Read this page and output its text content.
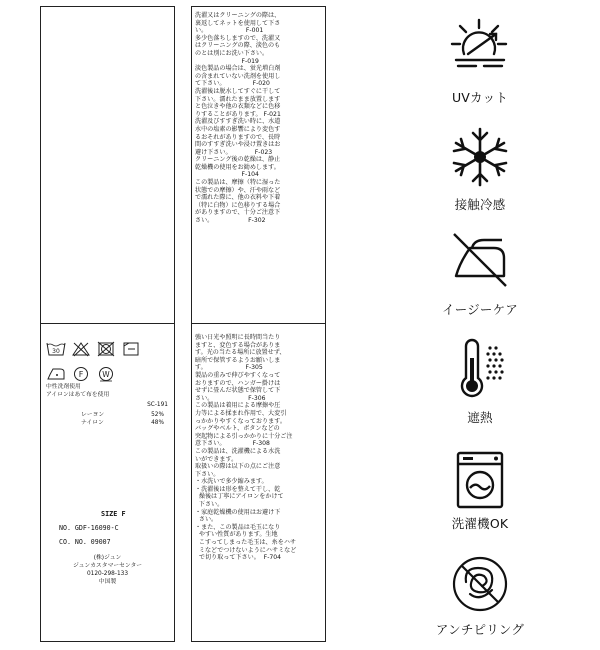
30

F
	W
中性洗剤使用
アイロンはあて布を使用
SC-191
レーヨン	52%
ナイロン	48%
SIZE F
NO. GDF-16090-C
CO. NO. 09007
(株)ジュン
ジュンカスタマーセンター
0120-298-133
中国製
洗濯又はクリーニングの際は、
裏返してネットを使用して下さ
い。                    F-001
多少色落ちしますので、洗濯又
はクリーニングの際、淡色のも
のとは別にお洗い下さい。
F-019
淡色製品の場合は、蛍光増白剤
の含まれていない洗剤を使用し
て下さい。              F-020
洗濯後は脱水してすぐに干して
下さい。濡れたまま放置します
と色泣きや他の衣類などに色移
りすることがあります。 F-021
洗濯及びすすぎ洗い時に、水道
水中の塩素の影響により変色す
るおそれがありますので、長時
間のすすぎ洗いや浸け置きはお
避け下さい。            F-023
クリーニング後の乾燥は、静止
乾燥機の使用をお勧めします。
F-104
この製品は、摩擦（特に湿った
状態での摩擦）や、汗や雨など
で濡れた際に、他の衣料や下着
（特に白物）に色移りする場合
がありますので、十分ご注意下
さい。                  F-302
強い日光や照明に長時間当たり
ますと、変色する場合がありま
す。光の当たる場所に放置せず、
暗所で保管するようお願いしま
す。                    F-305
製品の重みで伸びやすくなって
おりますので、ハンガー掛けは
せずに畳んだ状態で保管して下
さい。                  F-306
この製品は着用による摩擦や圧
力等による揉まれ作用で、大変引
っかかりやすくなっております。
バッグやベルト、ボタンなどの
突起物による引っかかりに十分ご注
意下さい。              F-308
この製品は、洗濯機による水洗
いができます。
取扱いの際は以下の点にご注意
下さい。
・水洗いで多少縮みます。
・洗濯後は形を整えて干し、乾
燥後は丁寧にアイロンをかけて
下さい。
・家庭乾燥機の使用はお避け下
さい。
・また、この製品は毛玉になり
やすい性質があります。生地
こすってしまった毛玉は、糸をハサ
ミなどでつけないようにハサミなど
で切り取って下さい。  F-704
UVカット
接触冷感
イージーケア
遮熱
洗濯機OK
アンチピリング
